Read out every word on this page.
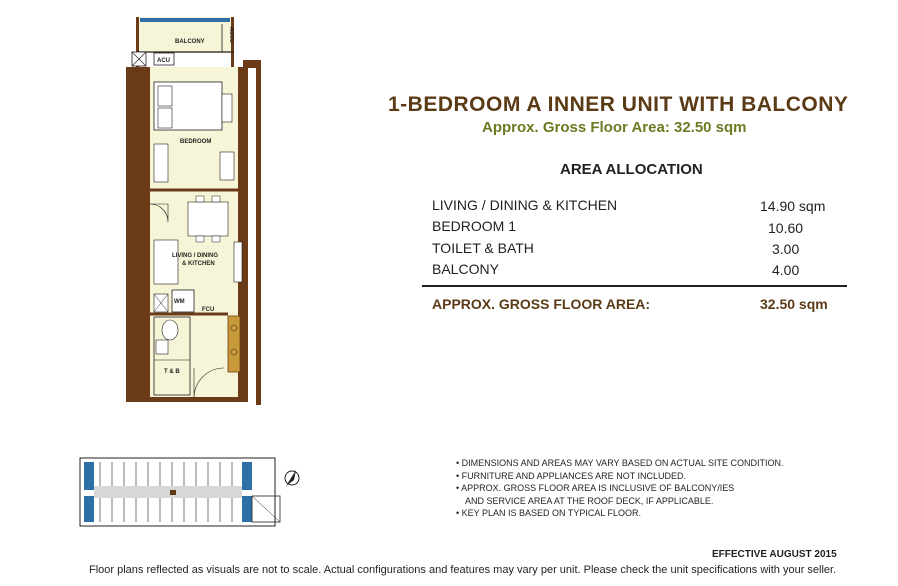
BALCONY	ACCU
ACU
BEDROOM
LIVING / DINING
& KITCHEN
WM
FCU
T & B
1-BEDROOM A INNER UNIT WITH BALCONY
Approx. Gross Floor Area: 32.50 sqm
AREA ALLOCATION
LIVING / DINING & KITCHEN	14.90 sqm
BEDROOM 1	10.60
TOILET & BATH	3.00
BALCONY	4.00
APPROX. GROSS FLOOR AREA:	32.50 sqm
• DIMENSIONS AND AREAS MAY VARY BASED ON ACTUAL SITE CONDITION.
• FURNITURE AND APPLIANCES ARE NOT INCLUDED.
• APPROX. GROSS FLOOR AREA IS INCLUSIVE OF BALCONY/IES
AND SERVICE AREA AT THE ROOF DECK, IF APPLICABLE.
• KEY PLAN IS BASED ON TYPICAL FLOOR.
EFFECTIVE AUGUST 2015
Floor plans reflected as visuals are not to scale. Actual configurations and features may vary per unit. Please check the unit specifications with your seller.
